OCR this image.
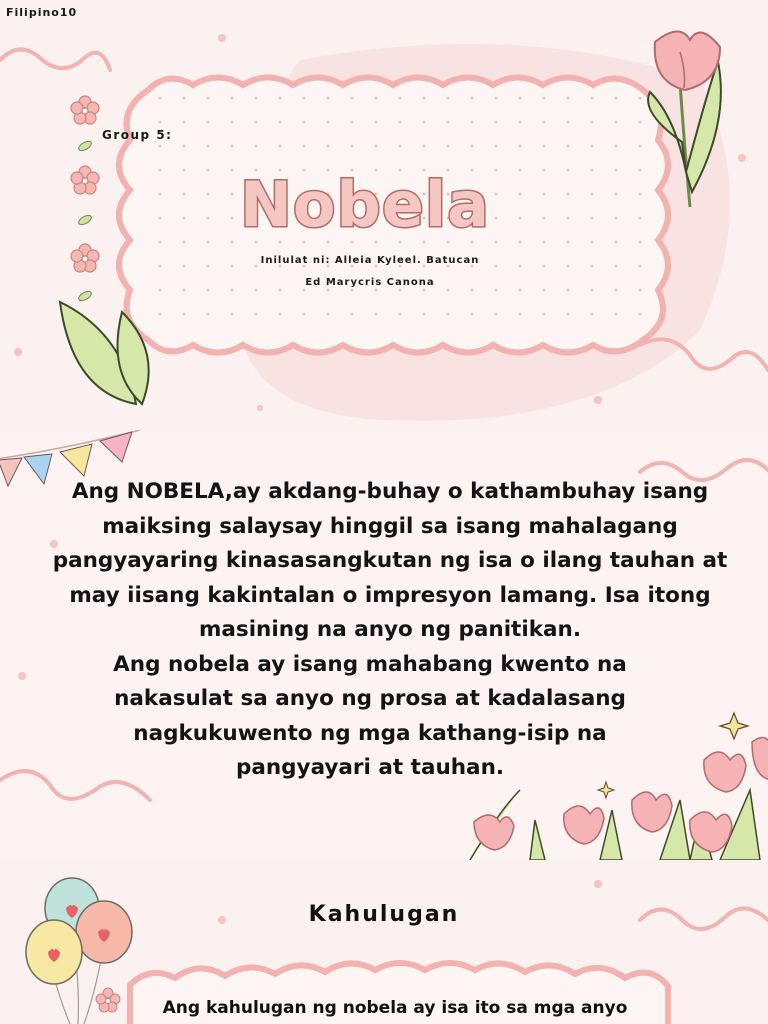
Filipino10
Group 5:
Nobela
Inilulat ni: Alleia Kyleel. Batucan
Ed Marycris Canona

Ang NOBELA,ay akdang-buhay o kathambuhay isang maiksing salaysay hinggil sa isang mahalagang pangyayaring kinasasangkutan ng isa o ilang tauhan at may iisang kakintalan o impresyon lamang. Isa itong masining na anyo ng panitikan.

Ang nobela ay isang mahabang kwento na nakasulat sa anyo ng prosa at kadalasang nagkukuwento ng mga kathang-isip na pangyayari at tauhan.

Kahulugan
Ang kahulugan ng nobela ay isa ito sa mga anyo
